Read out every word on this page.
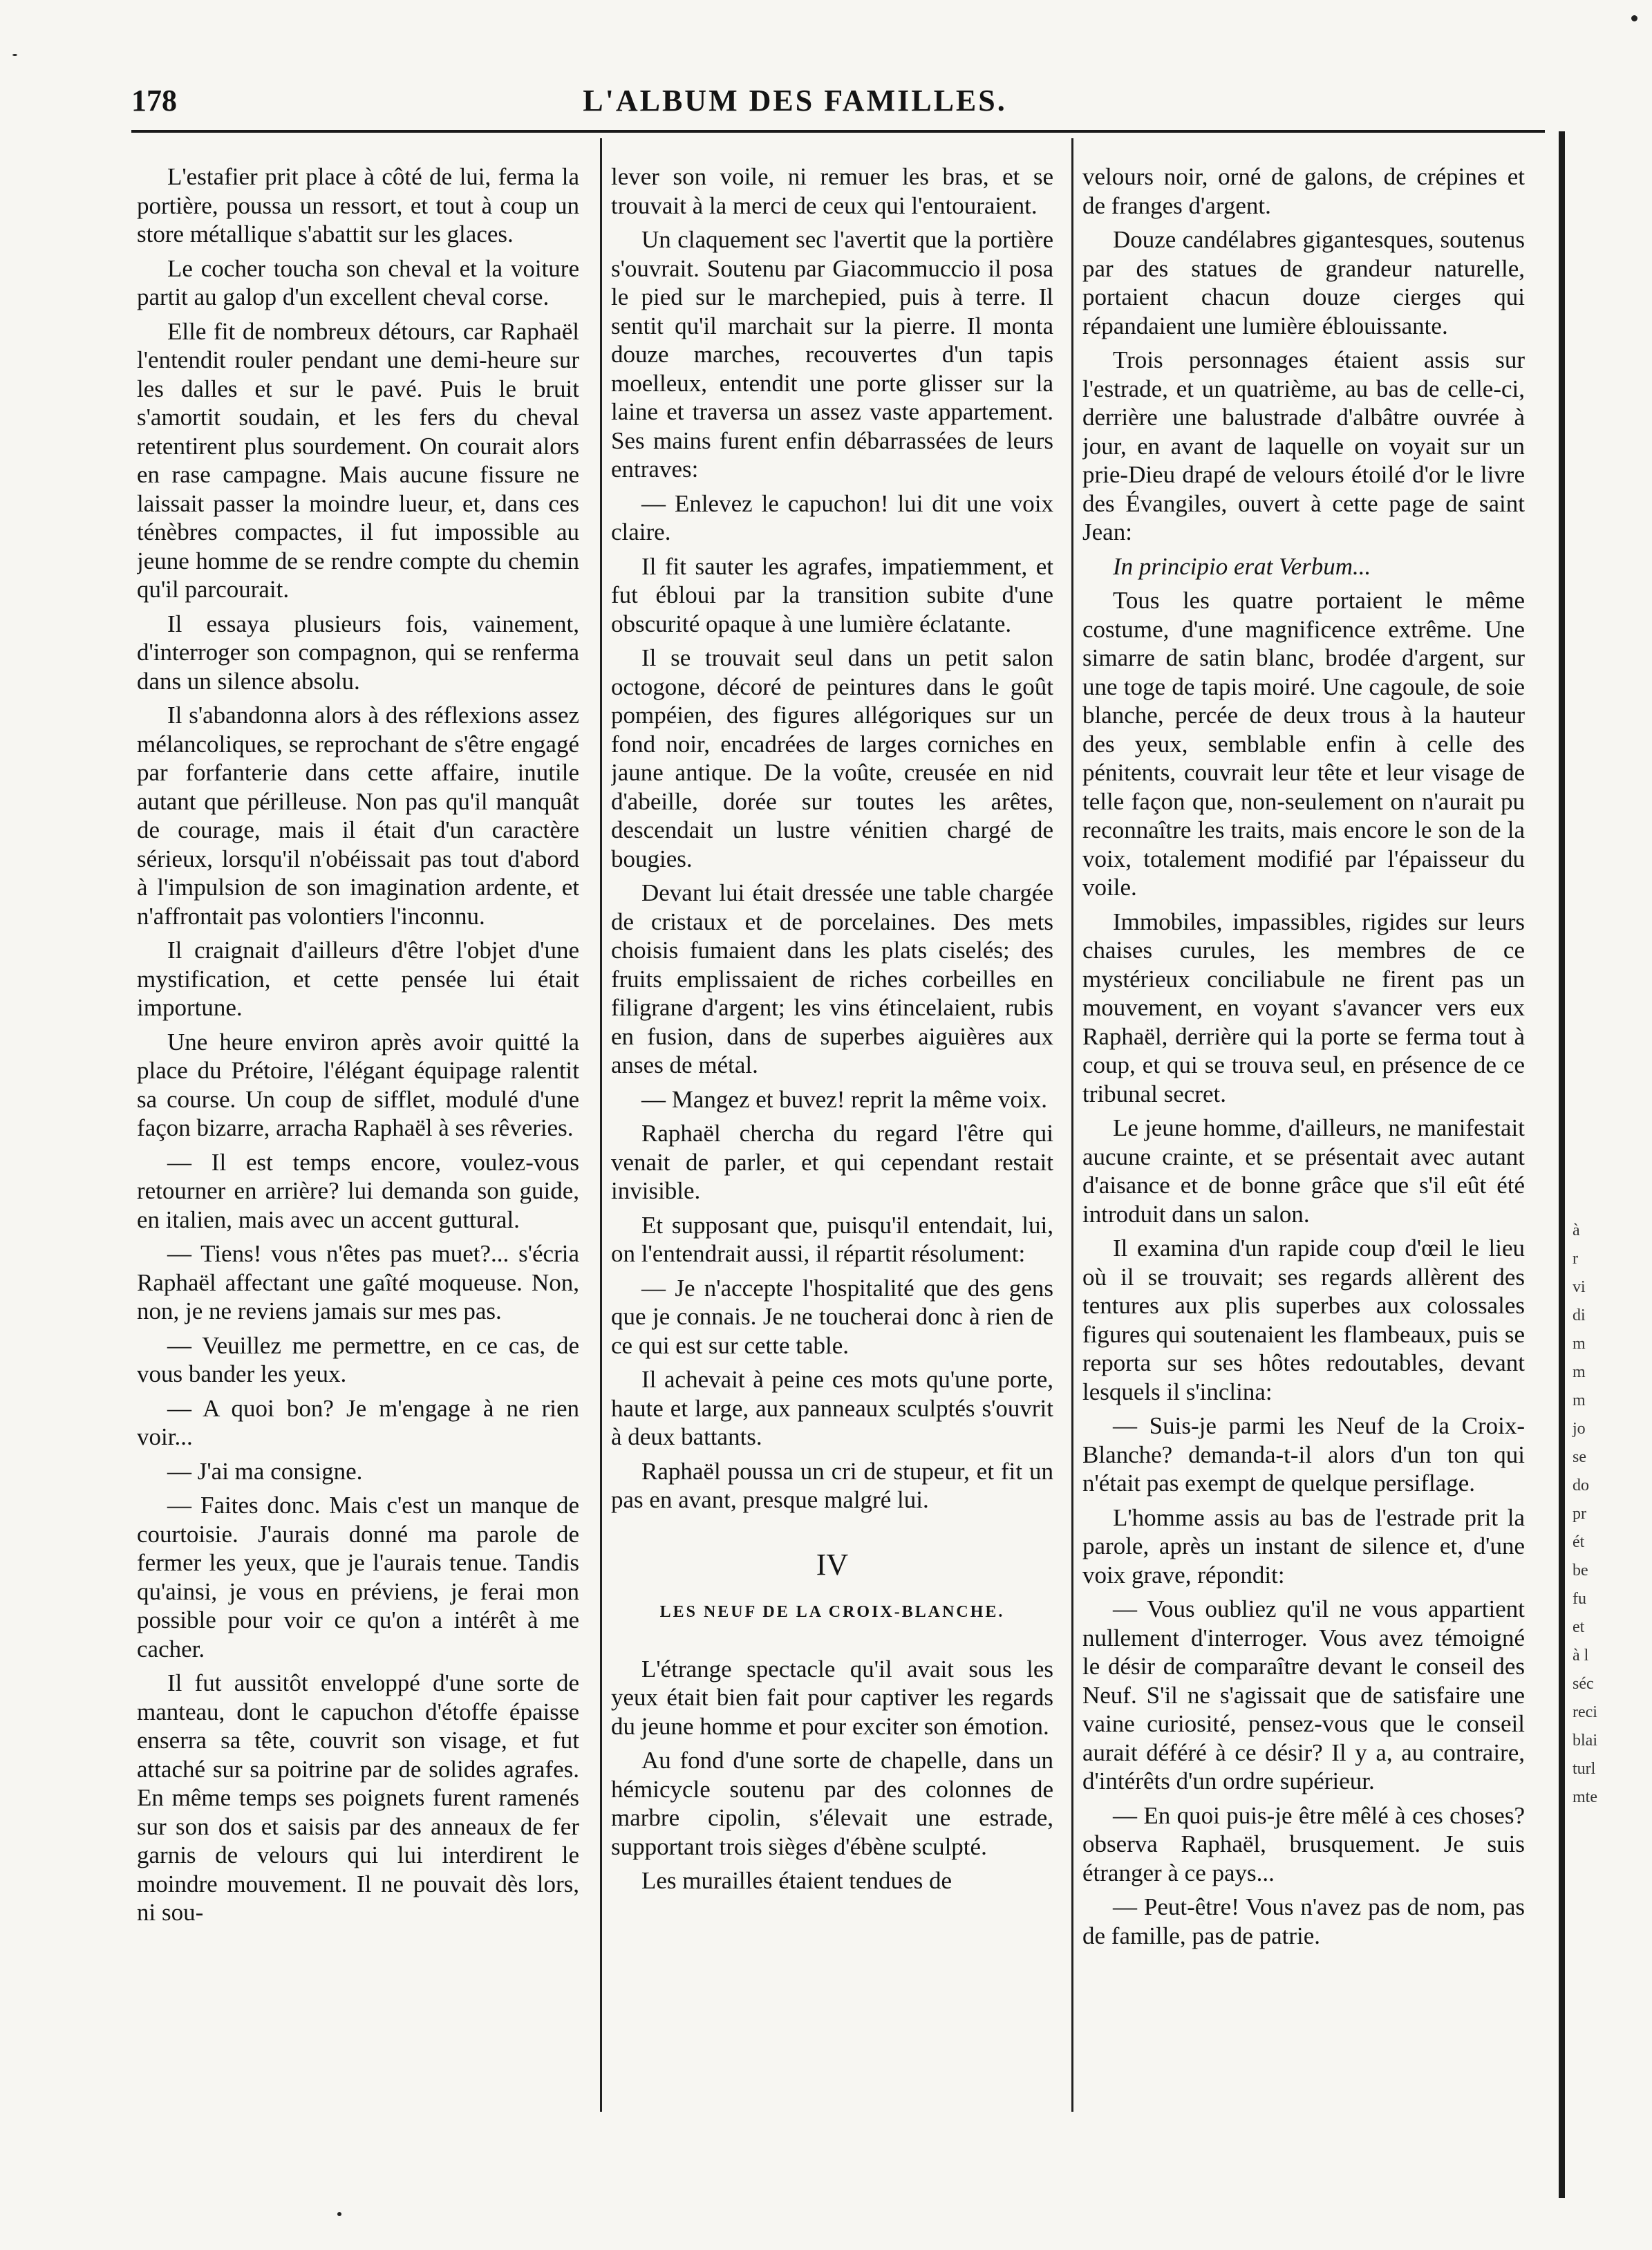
178	L'ALBUM DES FAMILLES.

L'estafier prit place à côté de lui, ferma la portière, poussa un ressort, et tout à coup un store métallique s'abattit sur les glaces.

Le cocher toucha son cheval et la voiture partit au galop d'un excellent cheval corse.

Elle fit de nombreux détours, car Raphaël l'entendit rouler pendant une demi-heure sur les dalles et sur le pavé. Puis le bruit s'amortit soudain, et les fers du cheval retentirent plus sourdement. On courait alors en rase campagne. Mais aucune fissure ne laissait passer la moindre lueur, et, dans ces ténèbres compactes, il fut impossible au jeune homme de se rendre compte du chemin qu'il parcourait.

Il essaya plusieurs fois, vainement, d'interroger son compagnon, qui se renferma dans un silence absolu.

Il s'abandonna alors à des réflexions assez mélancoliques, se reprochant de s'être engagé par forfanterie dans cette affaire, inutile autant que périlleuse. Non pas qu'il manquât de courage, mais il était d'un caractère sérieux, lorsqu'il n'obéissait pas tout d'abord à l'impulsion de son imagination ardente, et n'affrontait pas volontiers l'inconnu.

Il craignait d'ailleurs d'être l'objet d'une mystification, et cette pensée lui était importune.

Une heure environ après avoir quitté la place du Prétoire, l'élégant équipage ralentit sa course. Un coup de sifflet, modulé d'une façon bizarre, arracha Raphaël à ses rêveries.

— Il est temps encore, voulez-vous retourner en arrière? lui demanda son guide, en italien, mais avec un accent guttural.

— Tiens! vous n'êtes pas muet?... s'écria Raphaël affectant une gaîté moqueuse. Non, non, je ne reviens jamais sur mes pas.

— Veuillez me permettre, en ce cas, de vous bander les yeux.

— A quoi bon? Je m'engage à ne rien voir...

— J'ai ma consigne.

— Faites donc. Mais c'est un manque de courtoisie. J'aurais donné ma parole de fermer les yeux, que je l'aurais tenue. Tandis qu'ainsi, je vous en préviens, je ferai mon possible pour voir ce qu'on a intérêt à me cacher.

Il fut aussitôt enveloppé d'une sorte de manteau, dont le capuchon d'étoffe épaisse enserra sa tête, couvrit son visage, et fut attaché sur sa poitrine par de solides agrafes. En même temps ses poignets furent ramenés sur son dos et saisis par des anneaux de fer garnis de velours qui lui interdirent le moindre mouvement. Il ne pouvait dès lors, ni sou-

lever son voile, ni remuer les bras, et se trouvait à la merci de ceux qui l'entouraient.

Un claquement sec l'avertit que la portière s'ouvrait. Soutenu par Giacommuccio il posa le pied sur le marchepied, puis à terre. Il sentit qu'il marchait sur la pierre. Il monta douze marches, recouvertes d'un tapis moelleux, entendit une porte glisser sur la laine et traversa un assez vaste appartement. Ses mains furent enfin débarrassées de leurs entraves:

— Enlevez le capuchon! lui dit une voix claire.

Il fit sauter les agrafes, impatiemment, et fut ébloui par la transition subite d'une obscurité opaque à une lumière éclatante.

Il se trouvait seul dans un petit salon octogone, décoré de peintures dans le goût pompéien, des figures allégoriques sur un fond noir, encadrées de larges corniches en jaune antique. De la voûte, creusée en nid d'abeille, dorée sur toutes les arêtes, descendait un lustre vénitien chargé de bougies.

Devant lui était dressée une table chargée de cristaux et de porcelaines. Des mets choisis fumaient dans les plats ciselés; des fruits emplissaient de riches corbeilles en filigrane d'argent; les vins étincelaient, rubis en fusion, dans de superbes aiguières aux anses de métal.

— Mangez et buvez! reprit la même voix.

Raphaël chercha du regard l'être qui venait de parler, et qui cependant restait invisible.

Et supposant que, puisqu'il entendait, lui, on l'entendrait aussi, il répartit résolument:

— Je n'accepte l'hospitalité que des gens que je connais. Je ne toucherai donc à rien de ce qui est sur cette table.

Il achevait à peine ces mots qu'une porte, haute et large, aux panneaux sculptés s'ouvrit à deux battants.

Raphaël poussa un cri de stupeur, et fit un pas en avant, presque malgré lui.

IV
LES NEUF DE LA CROIX-BLANCHE.

L'étrange spectacle qu'il avait sous les yeux était bien fait pour captiver les regards du jeune homme et pour exciter son émotion.

Au fond d'une sorte de chapelle, dans un hémicycle soutenu par des colonnes de marbre cipolin, s'élevait une estrade, supportant trois sièges d'ébène sculpté.

Les murailles étaient tendues de

velours noir, orné de galons, de crépines et de franges d'argent.

Douze candélabres gigantesques, soutenus par des statues de grandeur naturelle, portaient chacun douze cierges qui répandaient une lumière éblouissante.

Trois personnages étaient assis sur l'estrade, et un quatrième, au bas de celle-ci, derrière une balustrade d'albâtre ouvrée à jour, en avant de laquelle on voyait sur un prie-Dieu drapé de velours étoilé d'or le livre des Évangiles, ouvert à cette page de saint Jean:

In principio erat Verbum...

Tous les quatre portaient le même costume, d'une magnificence extrême. Une simarre de satin blanc, brodée d'argent, sur une toge de tapis moiré. Une cagoule, de soie blanche, percée de deux trous à la hauteur des yeux, semblable enfin à celle des pénitents, couvrait leur tête et leur visage de telle façon que, non-seulement on n'aurait pu reconnaître les traits, mais encore le son de la voix, totalement modifié par l'épaisseur du voile.

Immobiles, impassibles, rigides sur leurs chaises curules, les membres de ce mystérieux conciliabule ne firent pas un mouvement, en voyant s'avancer vers eux Raphaël, derrière qui la porte se ferma tout à coup, et qui se trouva seul, en présence de ce tribunal secret.

Le jeune homme, d'ailleurs, ne manifestait aucune crainte, et se présentait avec autant d'aisance et de bonne grâce que s'il eût été introduit dans un salon.

Il examina d'un rapide coup d'œil le lieu où il se trouvait; ses regards allèrent des tentures aux plis superbes aux colossales figures qui soutenaient les flambeaux, puis se reporta sur ses hôtes redoutables, devant lesquels il s'inclina:

— Suis-je parmi les Neuf de la Croix-Blanche? demanda-t-il alors d'un ton qui n'était pas exempt de quelque persiflage.

L'homme assis au bas de l'estrade prit la parole, après un instant de silence et, d'une voix grave, répondit:

— Vous oubliez qu'il ne vous appartient nullement d'interroger. Vous avez témoigné le désir de comparaître devant le conseil des Neuf. S'il ne s'agissait que de satisfaire une vaine curiosité, pensez-vous que le conseil aurait déféré à ce désir? Il y a, au contraire, d'intérêts d'un ordre supérieur.

— En quoi puis-je être mêlé à ces choses? observa Raphaël, brusquement. Je suis étranger à ce pays...

— Peut-être! Vous n'avez pas de nom, pas de famille, pas de patrie.

à
r
vi
di
m
m
m
jo
se
do
pr
ét
be
fu
et
à l
séc
reci
blai
turl
mte
